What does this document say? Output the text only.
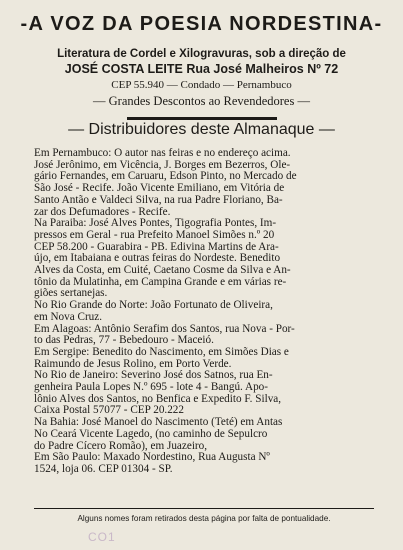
-A VOZ DA POESIA NORDESTINA-
Literatura de Cordel e Xilogravuras, sob a direção de
JOSÉ COSTA LEITE Rua José Malheiros Nº 72
CEP 55.940 — Condado — Pernambuco
— Grandes Descontos ao Revendedores —
— Distribuidores deste Almanaque —
Em Pernambuco: O autor nas feiras e no endereço acima.
José Jerônimo, em Vicência, J. Borges em Bezerros, Ole-
gário Fernandes, em Caruaru, Edson Pinto, no Mercado de
São José - Recife. João Vicente Emiliano, em Vitória de
Santo Antão e Valdeci Silva, na rua Padre Floriano, Ba-
zar dos Defumadores - Recife.
Na Paraiba: José Alves Pontes, Tigografia Pontes, Im-
pressos em Geral - rua Prefeito Manoel Simões n.º 20
CEP 58.200 - Guarabira - PB. Edivina Martins de Ara-
újo, em Itabaiana e outras feiras do Nordeste. Benedito
Alves da Costa, em Cuité, Caetano Cosme da Silva e An-
tônio da Mulatinha, em Campina Grande e em várias re-
giões sertanejas.
No Rio Grande do Norte: João Fortunato de Oliveira,
em Nova Cruz.
Em Alagoas: Antônio Serafim dos Santos, rua Nova - Por-
to das Pedras, 77 - Bebedouro - Maceió.
Em Sergipe: Benedito do Nascimento, em Simões Dias e
Raimundo de Jesus Rolino, em Porto Verde.
No Rio de Janeiro: Severino José dos Satnos, rua En-
genheira Paula Lopes N.º 695 - lote 4 - Bangú. Apo-
lônio Alves dos Santos, no Benfica e Expedito F. Silva,
Caixa Postal 57077 - CEP 20.222
Na Bahia: José Manoel do Nascimento (Teté) em Antas
No Ceará Vicente Lagedo, (no caminho de Sepulcro
do Padre Cícero Romão), em Juazeiro,
Em São Paulo: Maxado Nordestino, Rua Augusta Nº
1524, loja 06. CEP 01304 - SP.
Alguns nomes foram retirados desta página por falta de pontualidade.
CO1
